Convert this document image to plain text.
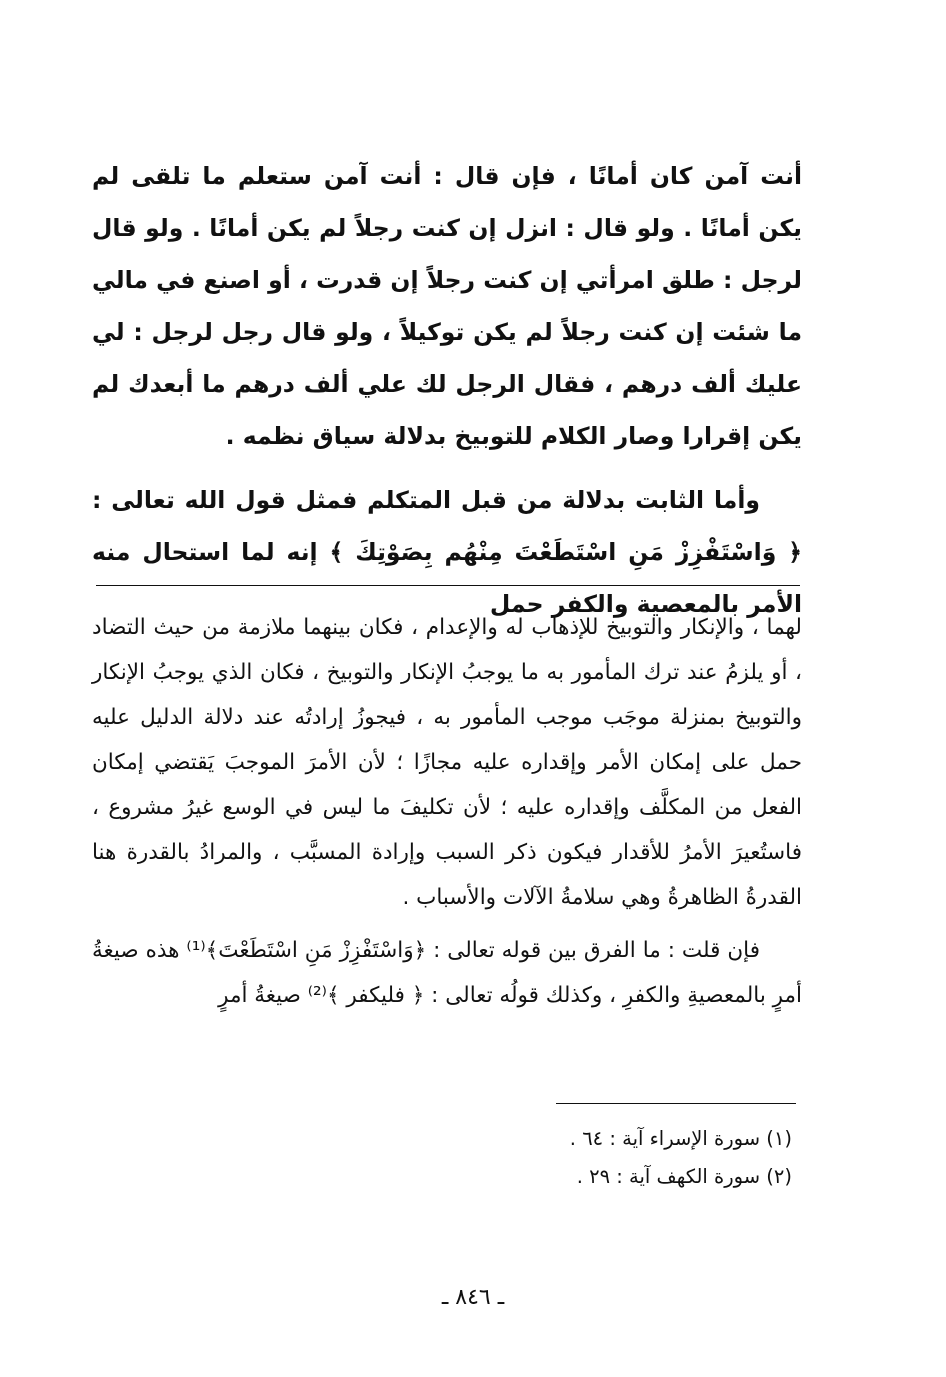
أنت آمن كان أمانًا ، فإن قال : أنت آمن ستعلم ما تلقى لم يكن أمانًا . ولو قال : انزل إن كنت رجلاً لم يكن أمانًا . ولو قال لرجل : طلق امرأتي إن كنت رجلاً إن قدرت ، أو اصنع في مالي ما شئت إن كنت رجلاً لم يكن توكيلاً ، ولو قال رجل لرجل : لي عليك ألف درهم ، فقال الرجل لك علي ألف درهم ما أبعدك لم يكن إقرارا وصار الكلام للتوبيخ بدلالة سياق نظمه .

وأما الثابت بدلالة من قبل المتكلم فمثل قول الله تعالى : ﴿ وَاسْتَفْزِزْ مَنِ اسْتَطَعْتَ مِنْهُم بِصَوْتِكَ ﴾ إنه لما استحال منه الأمر بالمعصية والكفر حمل

لهما ، والإنكار والتوبيخ للإذهاب له والإعدام ، فكان بينهما ملازمة من حيث التضاد ، أو يلزمُ عند ترك المأمور به ما يوجبُ الإنكار والتوبيخ ، فكان الذي يوجبُ الإنكار والتوبيخ بمنزلة موجَب موجب المأمور به ، فيجوزُ إرادتُه عند دلالة الدليل عليه حمل على إمكان الأمر وإقداره عليه مجازًا ؛ لأن الأمرَ الموجبَ يَقتضي إمكان الفعل من المكلَّف وإقداره عليه ؛ لأن تكليفَ ما ليس في الوسع غيرُ مشروع ، فاستُعيرَ الأمرُ للأقدار فيكون ذكر السبب وإرادة المسبَّب ، والمرادُ بالقدرة هنا القدرةُ الظاهرةُ وهي سلامةُ الآلات والأسباب .

فإن قلت : ما الفرق بين قوله تعالى : ﴿وَاسْتَفْزِزْ مَنِ اسْتَطَعْتَ﴾⁽¹⁾ هذه صيغةُ أمرٍ بالمعصيةِ والكفرِ ، وكذلك قولُه تعالى : ﴿ فليكفر ﴾⁽²⁾ صيغةُ أمرٍ

(١) سورة الإسراء آية : ٦٤ .
(٢) سورة الكهف آية : ٢٩ .
ـ ٨٤٦ ـ
